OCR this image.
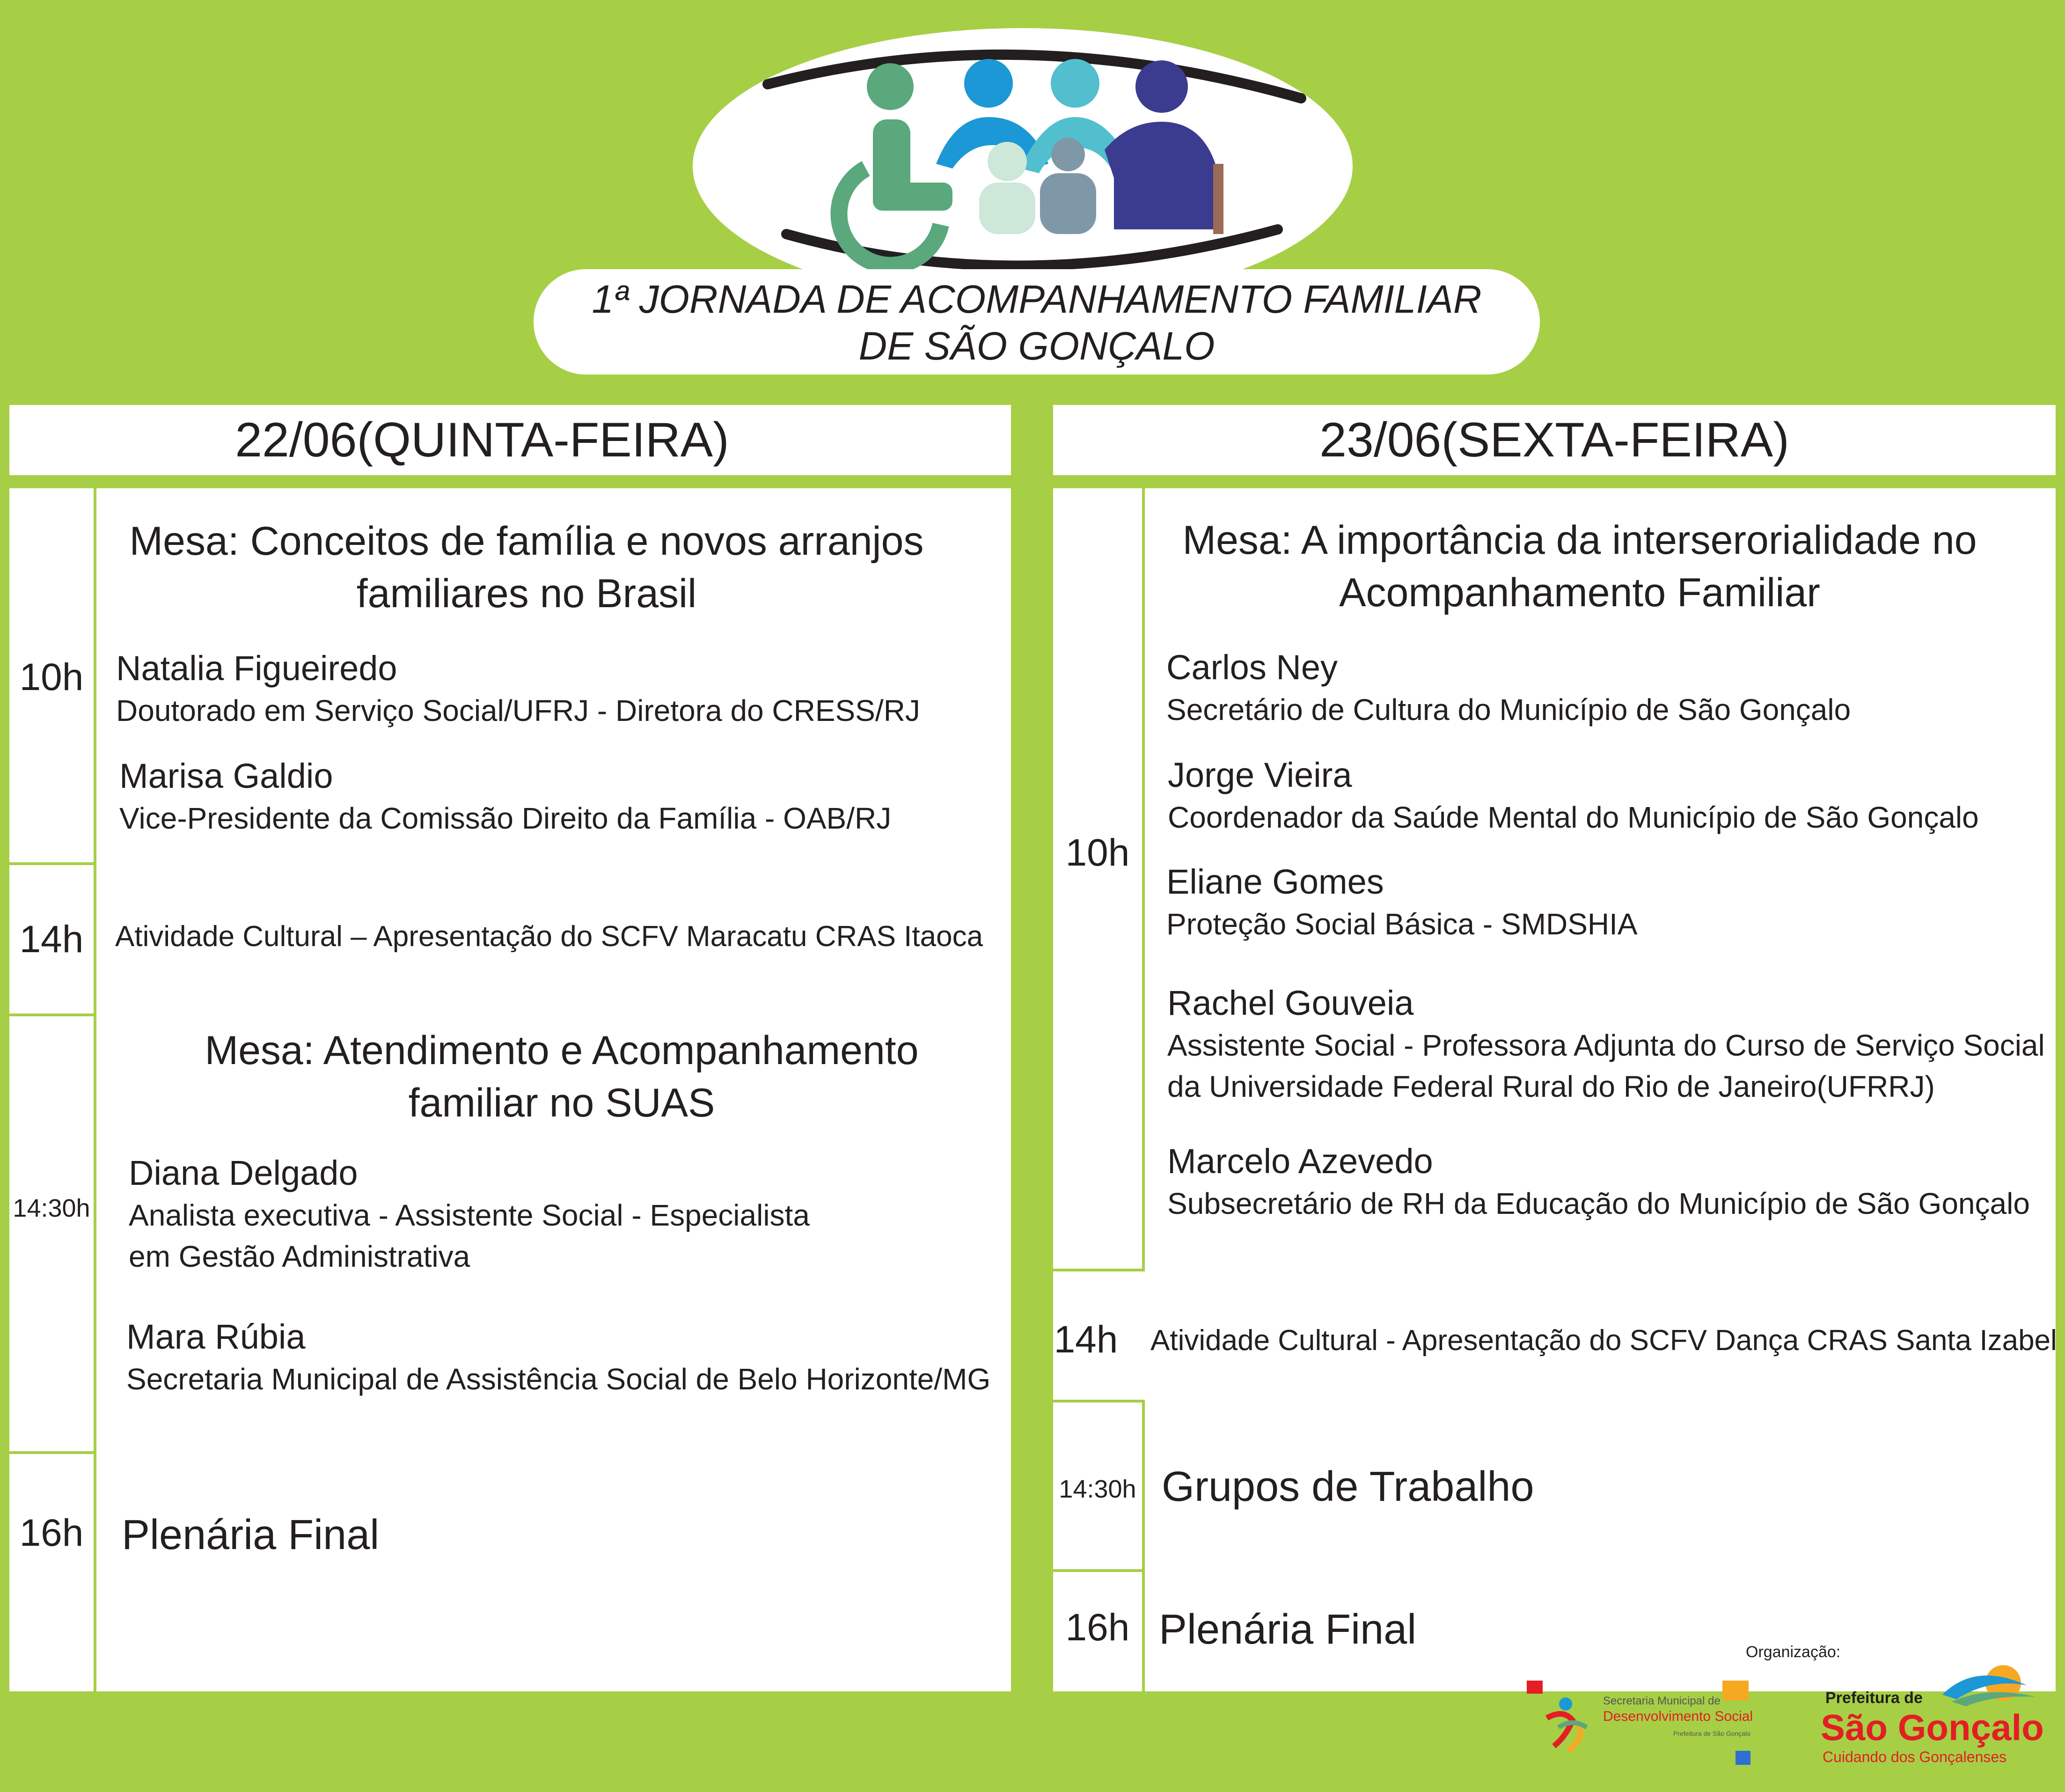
1ª JORNADA DE ACOMPANHAMENTO FAMILIAR
DE SÃO GONÇALO
22/06(QUINTA-FEIRA)
10h
14h
14:30h
16h
Mesa: Conceitos de família e novos arranjos
familiares no Brasil
Natalia Figueiredo
Doutorado em Serviço Social/UFRJ - Diretora do CRESS/RJ
Marisa Galdio
Vice-Presidente da Comissão Direito da Família - OAB/RJ
Atividade Cultural – Apresentação do SCFV Maracatu CRAS Itaoca
Mesa: Atendimento e Acompanhamento
familiar no SUAS
Diana Delgado
Analista executiva - Assistente Social - Especialista
em Gestão Administrativa
Mara Rúbia
Secretaria Municipal de Assistência Social de Belo Horizonte/MG
Plenária Final
23/06(SEXTA-FEIRA)
10h
14h
14:30h
16h
Mesa: A importância da interserorialidade no
Acompanhamento Familiar
Carlos Ney
Secretário de Cultura do Município de São Gonçalo
Jorge Vieira
Coordenador da Saúde Mental do Município de São Gonçalo
Eliane Gomes
Proteção Social Básica - SMDSHIA
Rachel Gouveia
Assistente Social - Professora Adjunta do Curso de Serviço Social
da Universidade Federal Rural do Rio de Janeiro(UFRRJ)
Marcelo Azevedo
Subsecretário de RH da Educação do Município de São Gonçalo
Atividade Cultural - Apresentação do SCFV Dança CRAS Santa Izabel
Grupos de Trabalho
Plenária Final	Organização:
Secretaria Municipal de
Desenvolvimento Social
Prefeitura de São Gonçalo
Prefeitura de
São Gonçalo
Cuidando dos Gonçalenses
